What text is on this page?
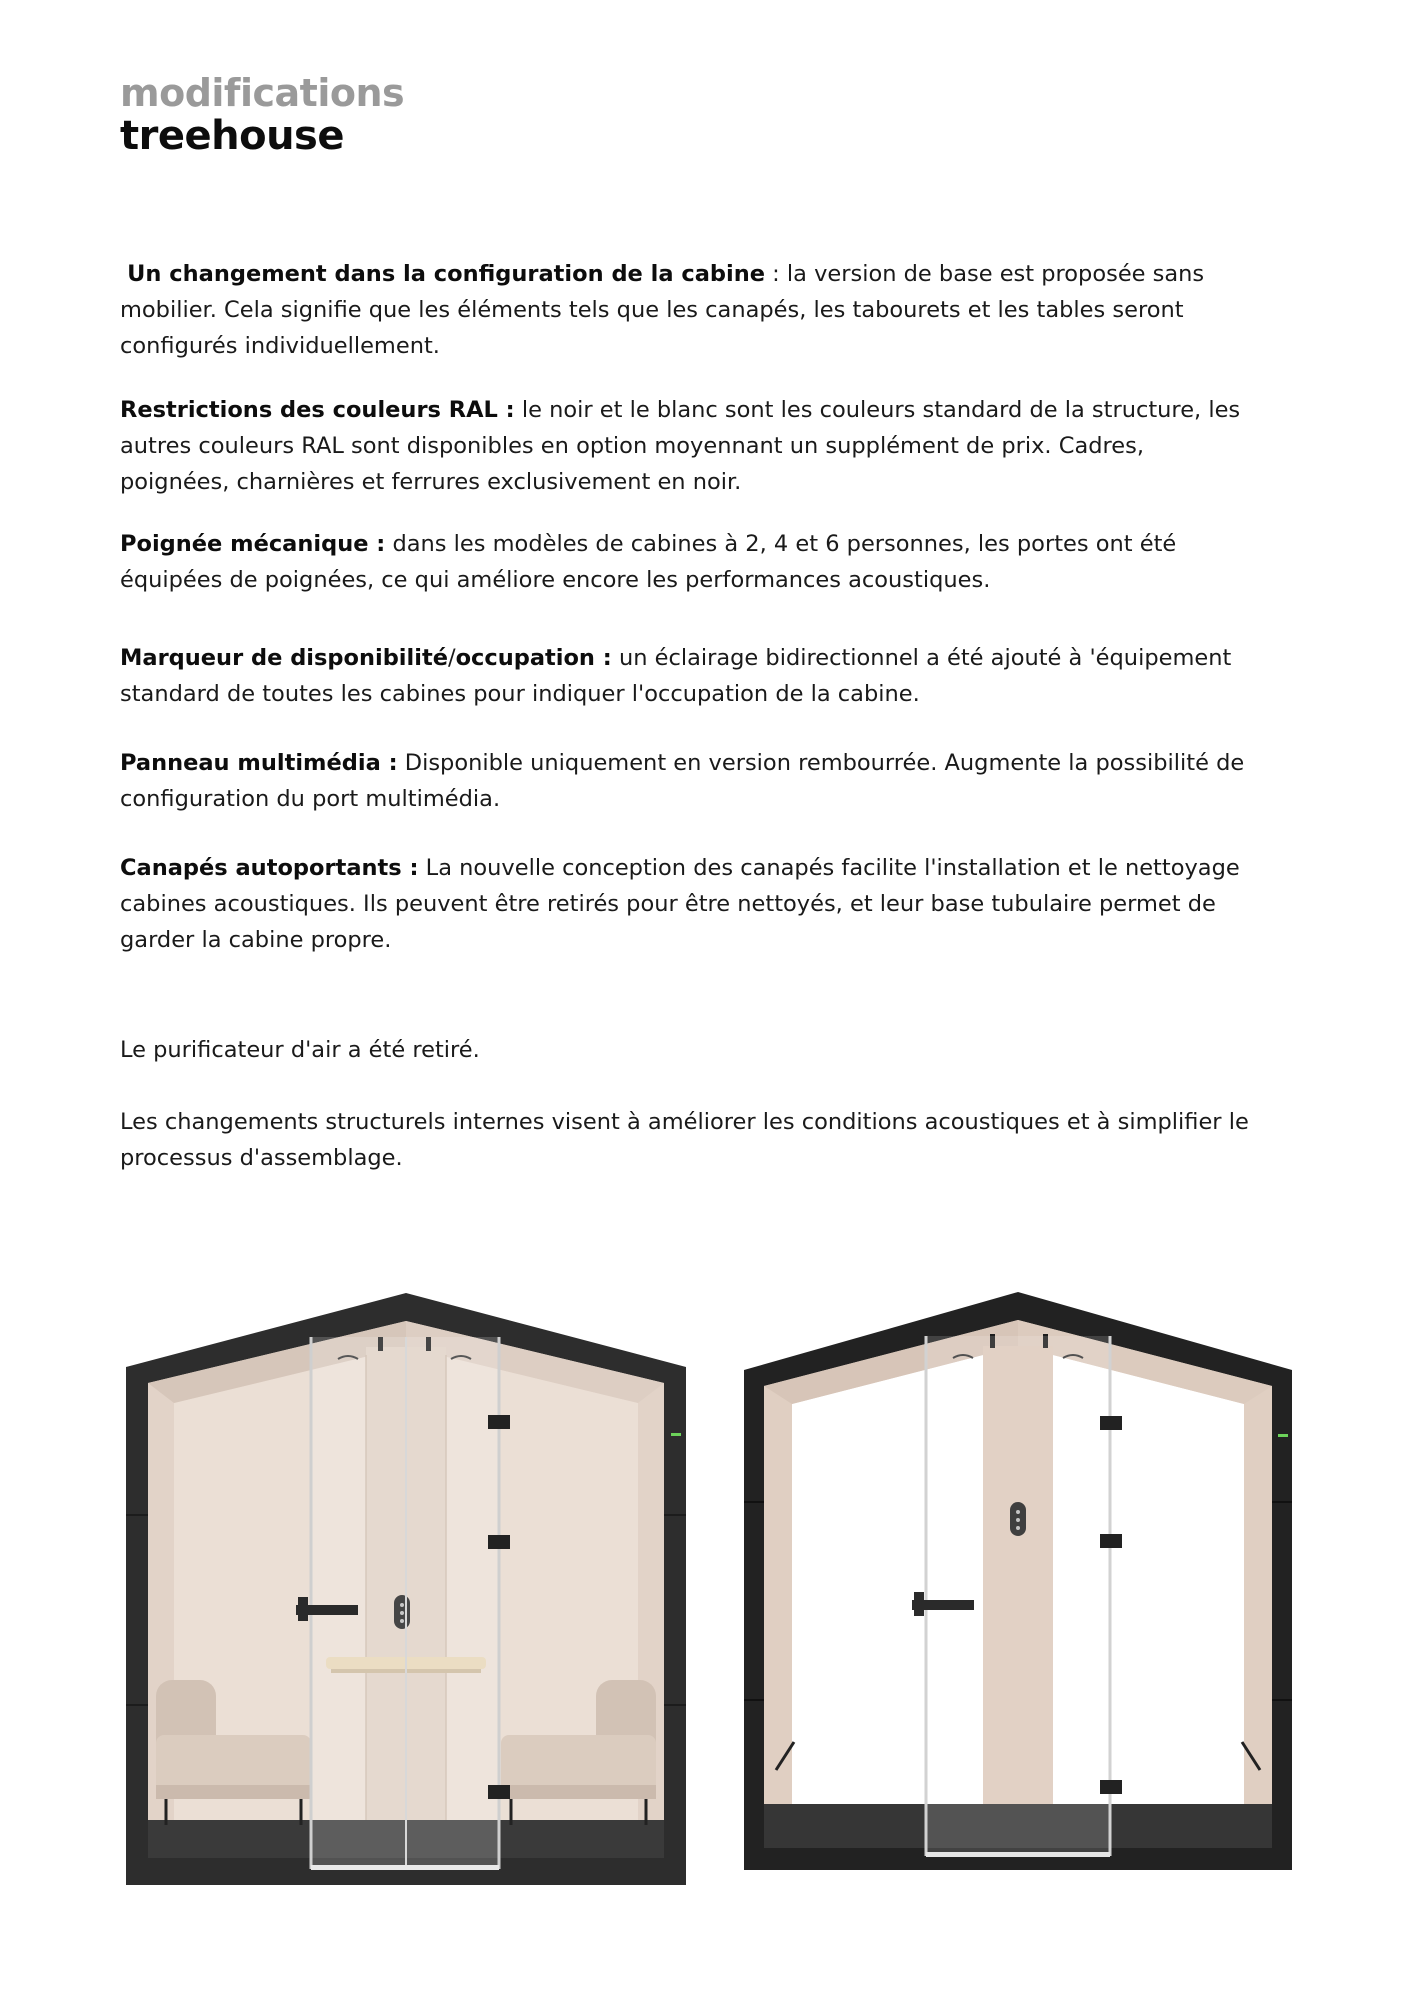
modifications
treehouse

Un changement dans la configuration de la cabine : la version de base est proposée sans mobilier. Cela signifie que les éléments tels que les canapés, les tabourets et les tables seront configurés individuellement.

Restrictions des couleurs RAL : le noir et le blanc sont les couleurs standard de la structure, les autres couleurs RAL sont disponibles en option moyennant un supplément de prix. Cadres, poignées, charnières et ferrures exclusivement en noir.

Poignée mécanique : dans les modèles de cabines à 2, 4 et 6 personnes, les portes ont été équipées de poignées, ce qui améliore encore les performances acoustiques.

Marqueur de disponibilité/occupation : un éclairage bidirectionnel a été ajouté à 'équipement standard de toutes les cabines pour indiquer l'occupation de la cabine.

Panneau multimédia : Disponible uniquement en version rembourrée. Augmente la possibilité de configuration du port multimédia.

Canapés autoportants : La nouvelle conception des canapés facilite l'installation et le nettoyage cabines acoustiques. Ils peuvent être retirés pour être nettoyés, et leur base tubulaire permet de garder la cabine propre.

Le purificateur d'air a été retiré.

Les changements structurels internes visent à améliorer les conditions acoustiques et à simplifier le processus d'assemblage.
